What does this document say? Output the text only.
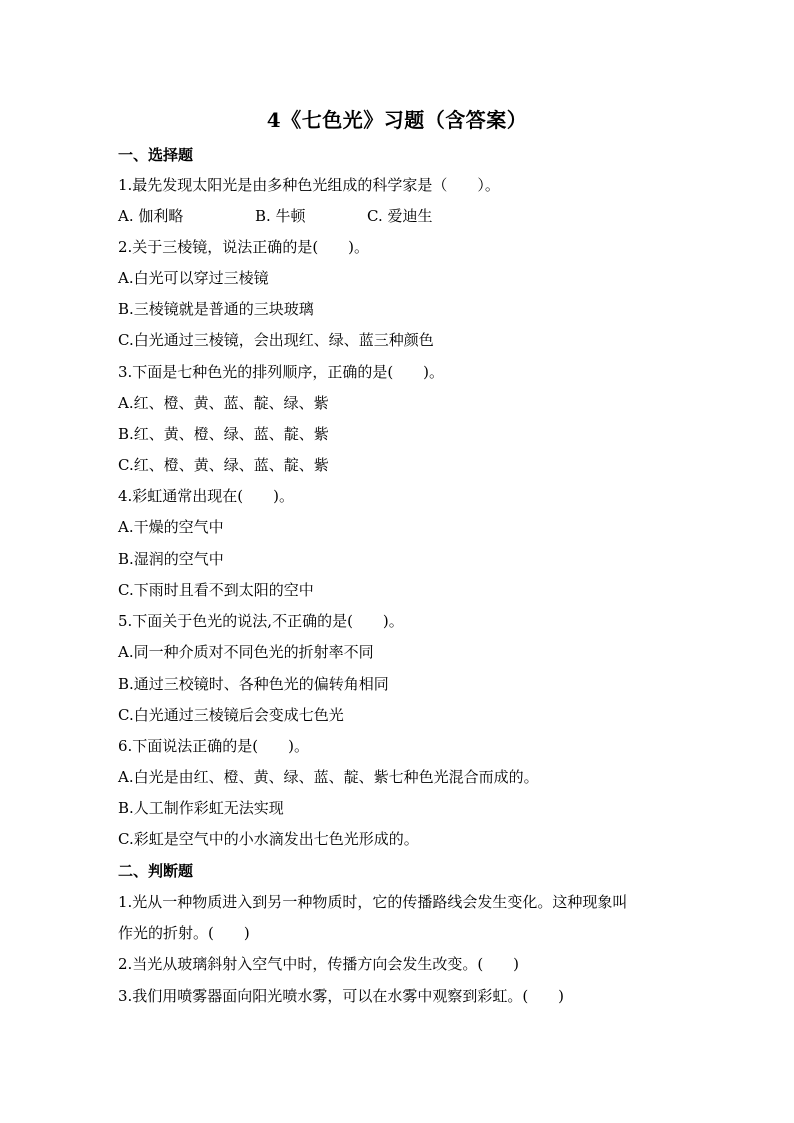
4《七色光》习题（含答案）

一、选择题

1.最先发现太阳光是由多种色光组成的科学家是（　　）。

A. 伽利略	B. 牛顿	C. 爱迪生

2.关于三棱镜，说法正确的是(　　)。

A.白光可以穿过三棱镜

B.三棱镜就是普通的三块玻璃

C.白光通过三棱镜，会出现红、绿、蓝三种颜色

3.下面是七种色光的排列顺序，正确的是(　　)。

A.红、橙、黄、蓝、靛、绿、紫

B.红、黄、橙、绿、蓝、靛、紫

C.红、橙、黄、绿、蓝、靛、紫

4.彩虹通常出现在(　　)。

A.干燥的空气中

B.湿润的空气中

C.下雨时且看不到太阳的空中

5.下面关于色光的说法,不正确的是(　　)。

A.同一种介质对不同色光的折射率不同

B.通过三校镜时、各种色光的偏转角相同

C.白光通过三棱镜后会变成七色光

6.下面说法正确的是(　　)。

A.白光是由红、橙、黄、绿、蓝、靛、紫七种色光混合而成的。

B.人工制作彩虹无法实现

C.彩虹是空气中的小水滴发出七色光形成的。

二、判断题

1.光从一种物质进入到另一种物质时，它的传播路线会发生变化。这种现象叫

作光的折射。(　　)

2.当光从玻璃斜射入空气中时，传播方向会发生改变。(　　)

3.我们用喷雾器面向阳光喷水雾，可以在水雾中观察到彩虹。(　　)
